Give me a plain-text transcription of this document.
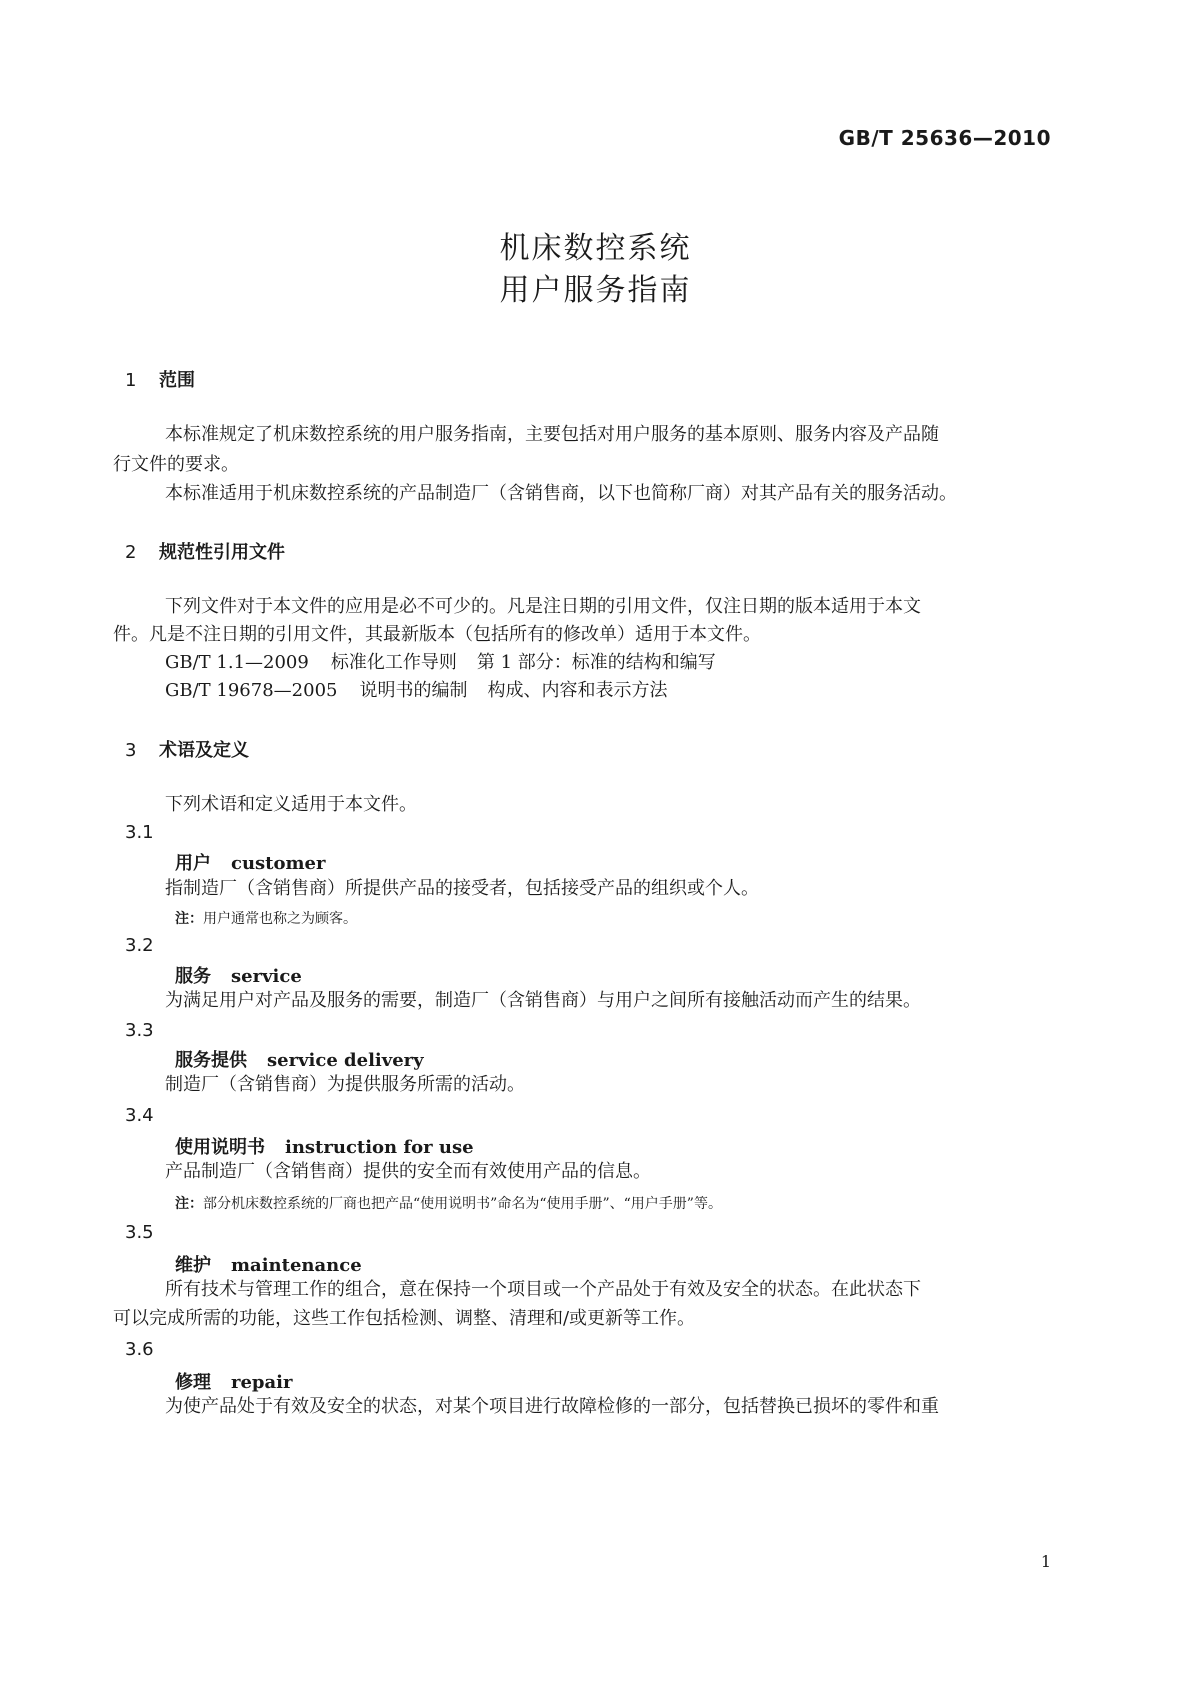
GB/T 25636—2010
机床数控系统
用户服务指南
1 范围
本标准规定了机床数控系统的用户服务指南，主要包括对用户服务的基本原则、服务内容及产品随
行文件的要求。
本标准适用于机床数控系统的产品制造厂（含销售商，以下也简称厂商）对其产品有关的服务活动。
2 规范性引用文件
下列文件对于本文件的应用是必不可少的。凡是注日期的引用文件，仅注日期的版本适用于本文
件。凡是不注日期的引用文件，其最新版本（包括所有的修改单）适用于本文件。
GB/T 1.1—2009 标准化工作导则 第 1 部分：标准的结构和编写
GB/T 19678—2005 说明书的编制 构成、内容和表示方法
3 术语及定义
下列术语和定义适用于本文件。
3.1
用户 customer
指制造厂（含销售商）所提供产品的接受者，包括接受产品的组织或个人。
注：用户通常也称之为顾客。
3.2
服务 service
为满足用户对产品及服务的需要，制造厂（含销售商）与用户之间所有接触活动而产生的结果。
3.3
服务提供 service delivery
制造厂（含销售商）为提供服务所需的活动。
3.4
使用说明书 instruction for use
产品制造厂（含销售商）提供的安全而有效使用产品的信息。
注：部分机床数控系统的厂商也把产品“使用说明书”命名为“使用手册”、“用户手册”等。
3.5
维护 maintenance
所有技术与管理工作的组合，意在保持一个项目或一个产品处于有效及安全的状态。在此状态下
可以完成所需的功能，这些工作包括检测、调整、清理和/或更新等工作。
3.6
修理 repair
为使产品处于有效及安全的状态，对某个项目进行故障检修的一部分，包括替换已损坏的零件和重
1
